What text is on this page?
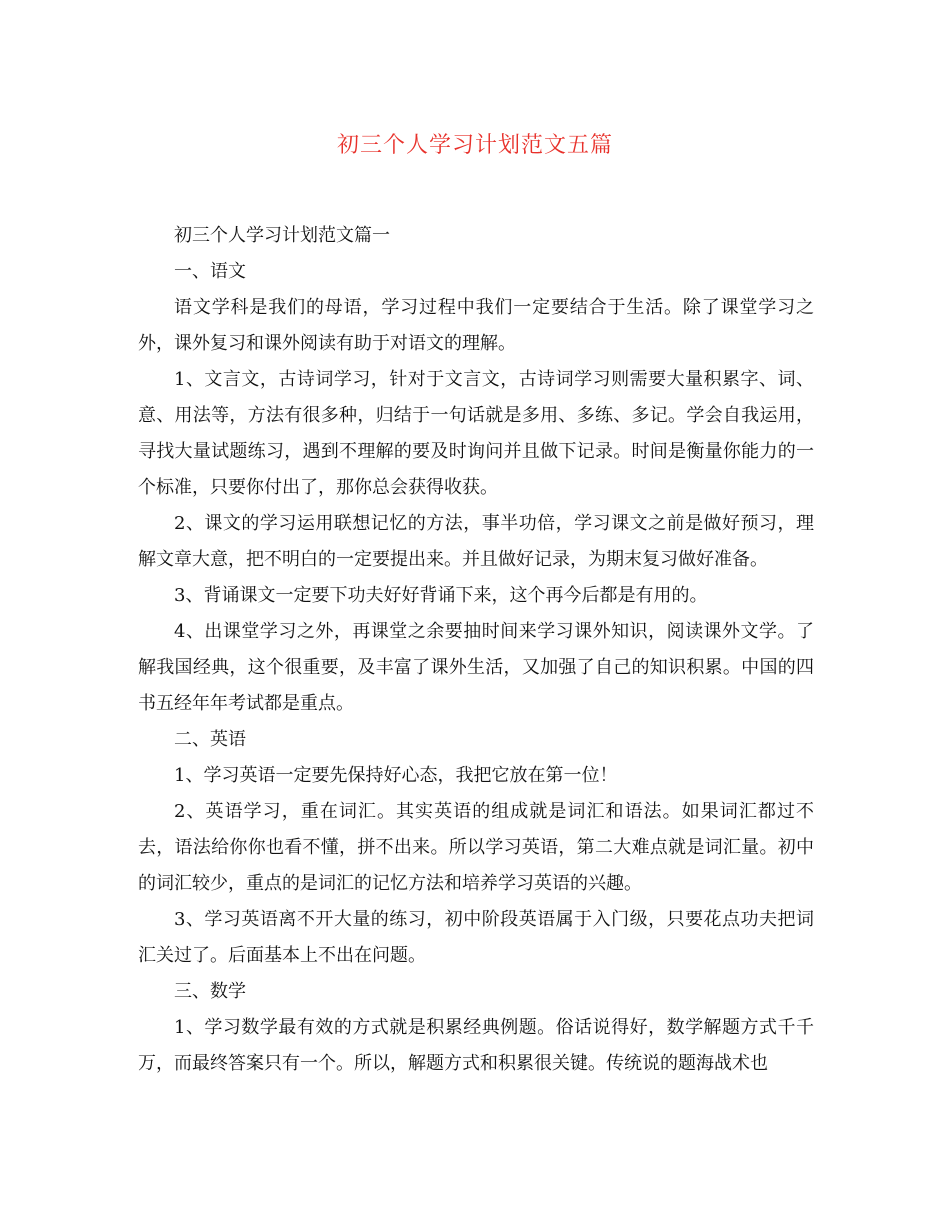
初三个人学习计划范文五篇

初三个人学习计划范文篇一

一、语文

语文学科是我们的母语，学习过程中我们一定要结合于生活。除了课堂学习之外，课外复习和课外阅读有助于对语文的理解。

1、文言文，古诗词学习，针对于文言文，古诗词学习则需要大量积累字、词、意、用法等，方法有很多种，归结于一句话就是多用、多练、多记。学会自我运用，寻找大量试题练习，遇到不理解的要及时询问并且做下记录。时间是衡量你能力的一个标准，只要你付出了，那你总会获得收获。

2、课文的学习运用联想记忆的方法，事半功倍，学习课文之前是做好预习，理解文章大意，把不明白的一定要提出来。并且做好记录，为期末复习做好准备。

3、背诵课文一定要下功夫好好背诵下来，这个再今后都是有用的。

4、出课堂学习之外，再课堂之余要抽时间来学习课外知识，阅读课外文学。了解我国经典，这个很重要，及丰富了课外生活，又加强了自己的知识积累。中国的四书五经年年考试都是重点。

二、英语

1、学习英语一定要先保持好心态，我把它放在第一位！

2、英语学习，重在词汇。其实英语的组成就是词汇和语法。如果词汇都过不去，语法给你你也看不懂，拼不出来。所以学习英语，第二大难点就是词汇量。初中的词汇较少，重点的是词汇的记忆方法和培养学习英语的兴趣。

3、学习英语离不开大量的练习，初中阶段英语属于入门级，只要花点功夫把词汇关过了。后面基本上不出在问题。

三、数学

1、学习数学最有效的方式就是积累经典例题。俗话说得好，数学解题方式千千万，而最终答案只有一个。所以，解题方式和积累很关键。传统说的题海战术也
